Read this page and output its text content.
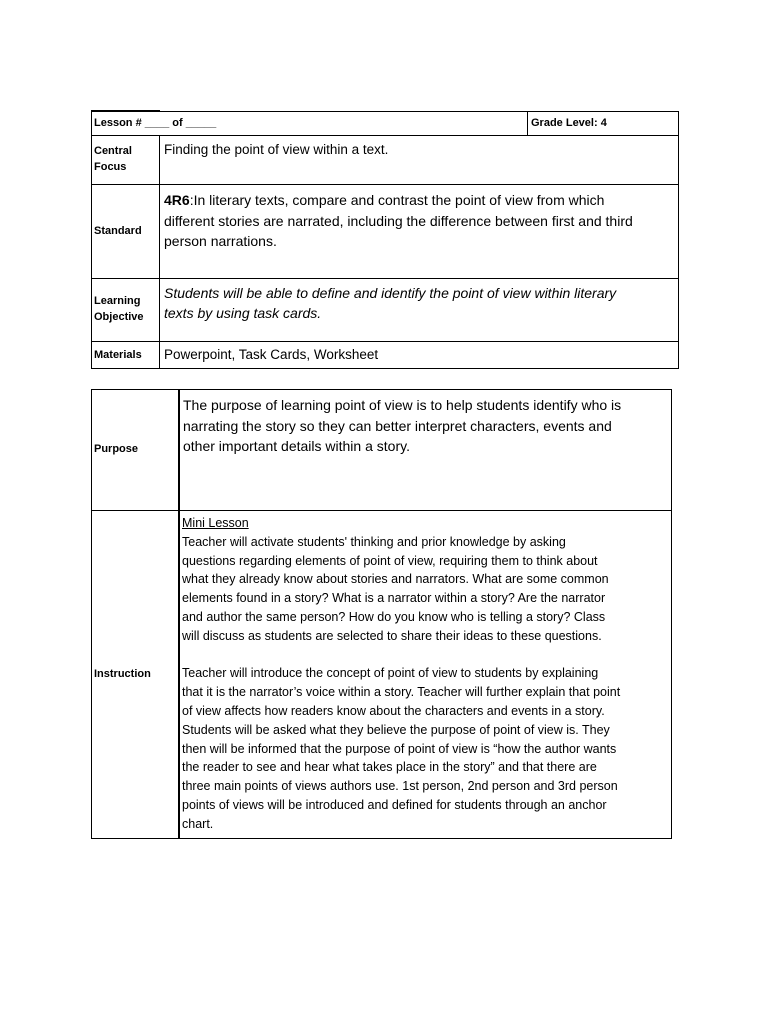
Lesson # ____ of _____	Grade Level: 4
Central
Focus
Finding the point of view within a text.
Standard
4R6:In literary texts, compare and contrast the point of view from which
different stories are narrated, including the difference between first and third
person narrations.
Learning
Objective
Students will be able to define and identify the point of view within literary
texts by using task cards.
Materials Powerpoint, Task Cards, Worksheet
Purpose
The purpose of learning point of view is to help students identify who is
narrating the story so they can better interpret characters, events and
other important details within a story.
Instruction
Mini Lesson
Teacher will activate students' thinking and prior knowledge by asking
questions regarding elements of point of view, requiring them to think about
what they already know about stories and narrators. What are some common
elements found in a story? What is a narrator within a story? Are the narrator
and author the same person? How do you know who is telling a story? Class
will discuss as students are selected to share their ideas to these questions.
Teacher will introduce the concept of point of view to students by explaining
that it is the narrator’s voice within a story. Teacher will further explain that point
of view affects how readers know about the characters and events in a story.
Students will be asked what they believe the purpose of point of view is. They
then will be informed that the purpose of point of view is “how the author wants
the reader to see and hear what takes place in the story” and that there are
three main points of views authors use. 1st person, 2nd person and 3rd person
points of views will be introduced and defined for students through an anchor
chart.
